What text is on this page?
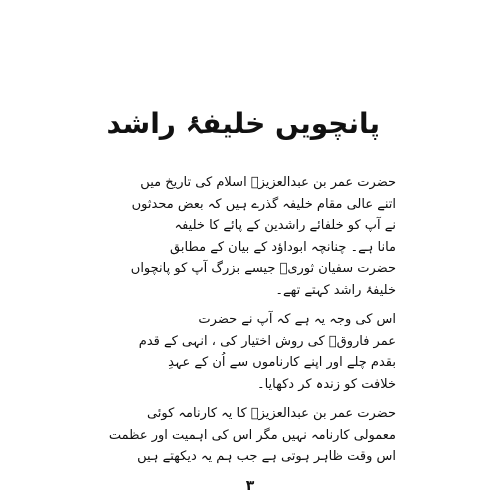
پانچویں خلیفۂ راشد
حضرت عمر بن عبدالعزیزؒ اسلام کی تاریخ میں
اتنے عالی مقام خلیفہ گذرے ہیں کہ بعض محدثوں
نے آپ کو خلفائے راشدین کے پائے کا خلیفہ
مانا ہے۔ چنانچہ ابوداؤد کے بیان کے مطابق
حضرت سفیان ثوریؒ جیسے بزرگ آپ کو پانچواں
خلیفۂ راشد کہتے تھے۔
اس کی وجہ یہ ہے کہ آپ نے حضرت
عمر فاروقؓ کی روش اختیار کی ، انہی کے قدم
بقدم چلے اور اپنے کارناموں سے اُن کے عہدِ
خلافت کو زندہ کر دکھایا۔
حضرت عمر بن عبدالعزیزؒ کا یہ کارنامہ کوئی
معمولی کارنامہ نہیں مگر اس کی اہمیت اور عظمت
اس وقت ظاہر ہوتی ہے جب ہم یہ دیکھتے ہیں
۳
